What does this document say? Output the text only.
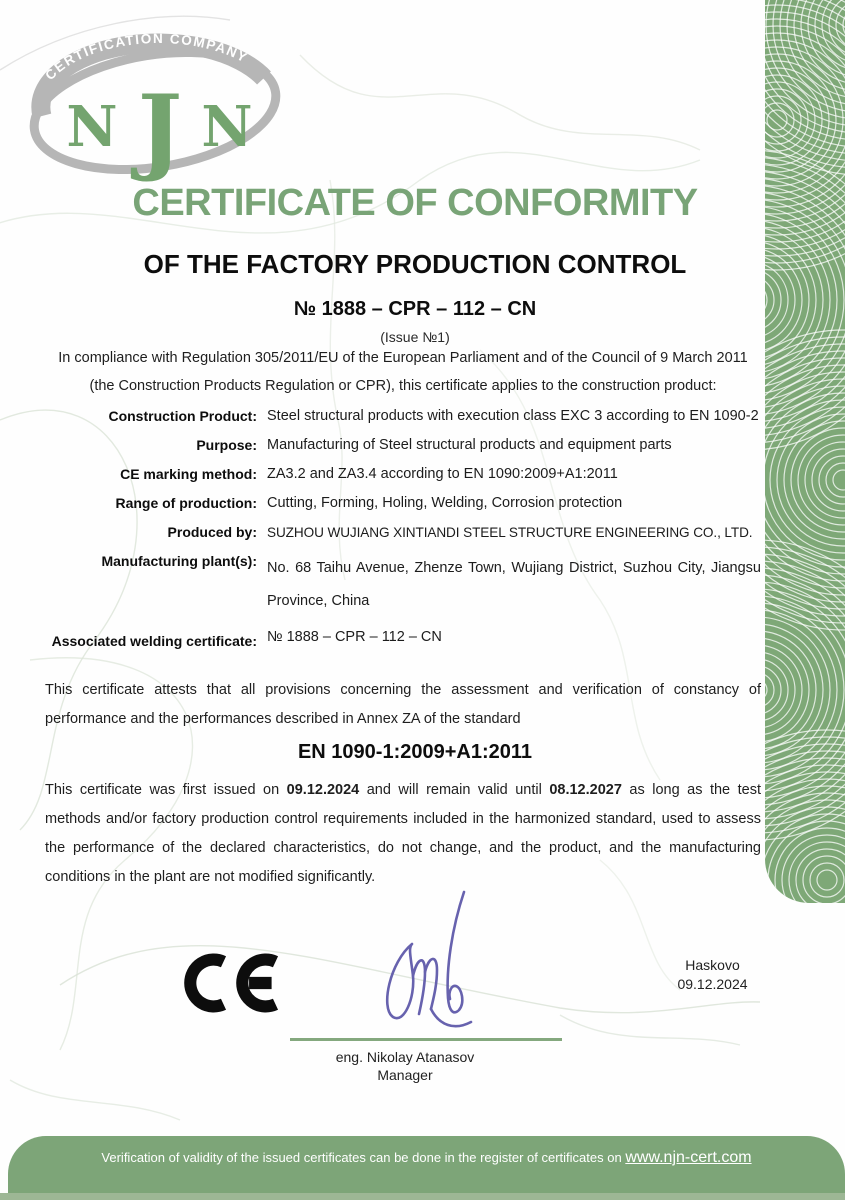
CERTIFICATION COMPANY
N J N
CERTIFICATE OF CONFORMITY
OF THE FACTORY PRODUCTION CONTROL
№ 1888 – CPR – 112 – CN
(Issue №1)
In compliance with Regulation 305/2011/EU of the European Parliament and of the Council of 9 March 2011 (the Construction Products Regulation or CPR), this certificate applies to the construction product:
Construction Product: Steel structural products with execution class EXC 3 according to EN 1090-2
Purpose: Manufacturing of Steel structural products and equipment parts
CE marking method: ZA3.2 and ZA3.4 according to EN 1090:2009+A1:2011
Range of production: Cutting, Forming, Holing, Welding, Corrosion protection
Produced by: SUZHOU WUJIANG XINTIANDI STEEL STRUCTURE ENGINEERING CO., LTD.
Manufacturing plant(s): No. 68 Taihu Avenue, Zhenze Town, Wujiang District, Suzhou City, Jiangsu Province, China
Associated welding certificate: № 1888 – CPR – 112 – CN
This certificate attests that all provisions concerning the assessment and verification of constancy of performance and the performances described in Annex ZA of the standard
EN 1090-1:2009+A1:2011
This certificate was first issued on 09.12.2024 and will remain valid until 08.12.2027 as long as the test methods and/or factory production control requirements included in the harmonized standard, used to assess the performance of the declared characteristics, do not change, and the product, and the manufacturing conditions in the plant are not modified significantly.
eng. Nikolay Atanasov
Manager
Haskovo
09.12.2024
Verification of validity of the issued certificates can be done in the register of certificates on www.njn-cert.com
